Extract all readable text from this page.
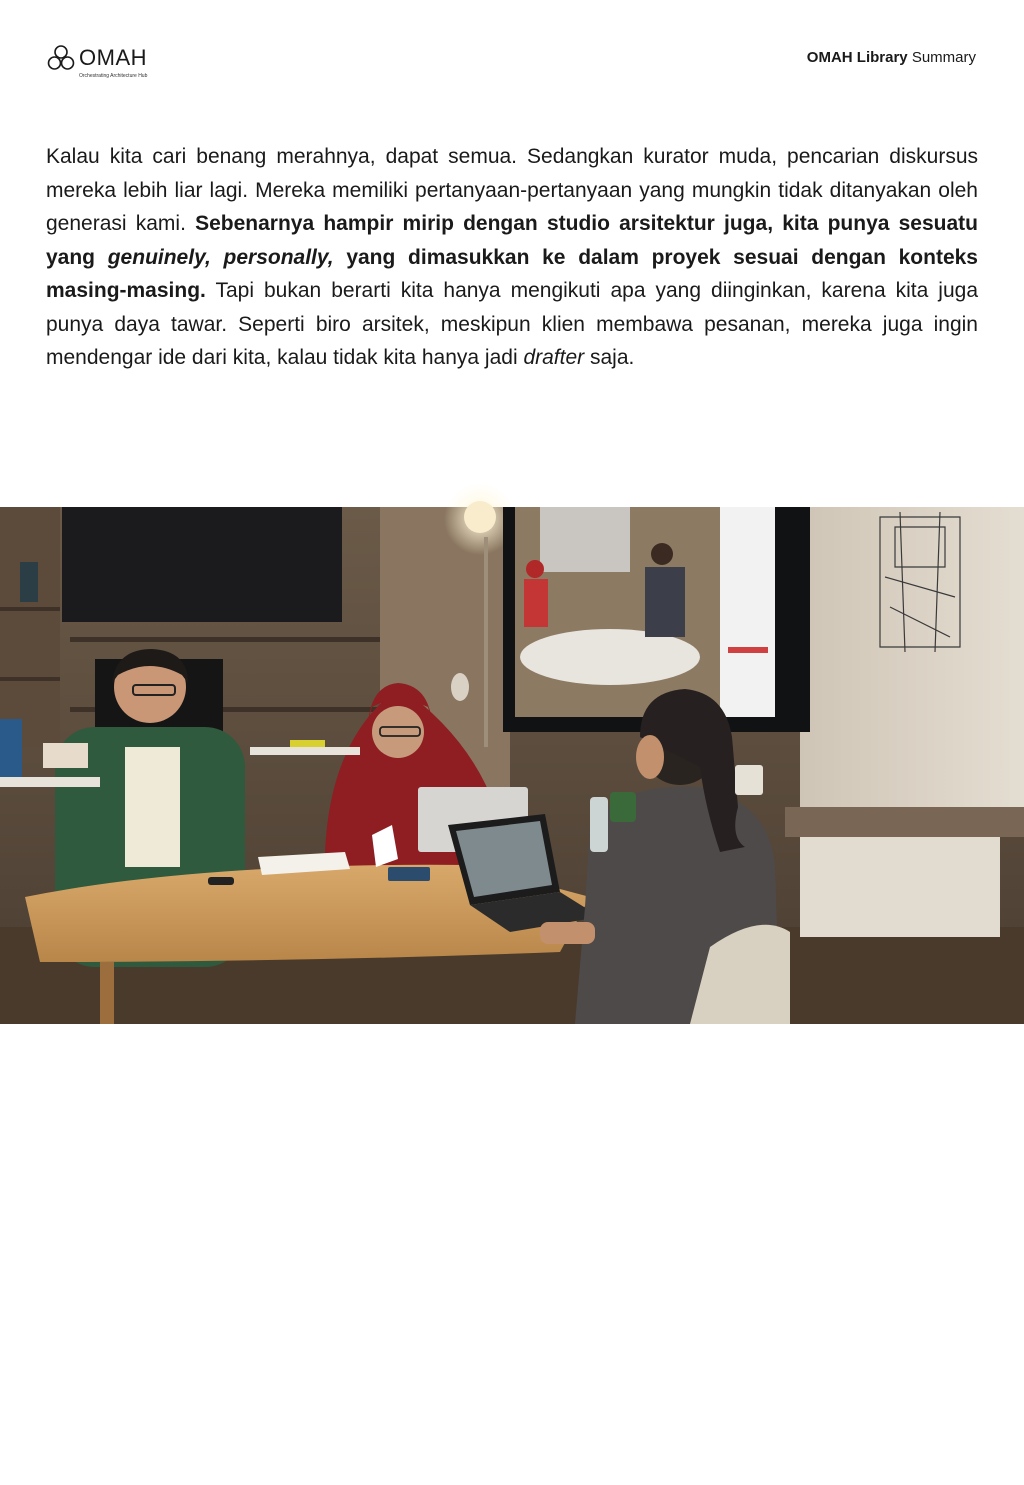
OMAH
Orchestrating Architecture Hub
OMAH Library Summary

Kalau kita cari benang merahnya, dapat semua. Sedangkan kurator muda, pencarian diskursus mereka lebih liar lagi. Mereka memiliki pertanyaan-pertanyaan yang mungkin tidak ditanyakan oleh generasi kami. Sebenarnya hampir mirip dengan studio arsitektur juga, kita punya sesuatu yang genuinely, personally, yang dimasukkan ke dalam proyek sesuai dengan konteks masing-masing. Tapi bukan berarti kita hanya mengikuti apa yang diinginkan, karena kita juga punya daya tawar. Seperti biro arsitek, meskipun klien membawa pesanan, mereka juga ingin mendengar ide dari kita, kalau tidak kita hanya jadi drafter saja.

#designtheory+researchlaboratory	6/10
